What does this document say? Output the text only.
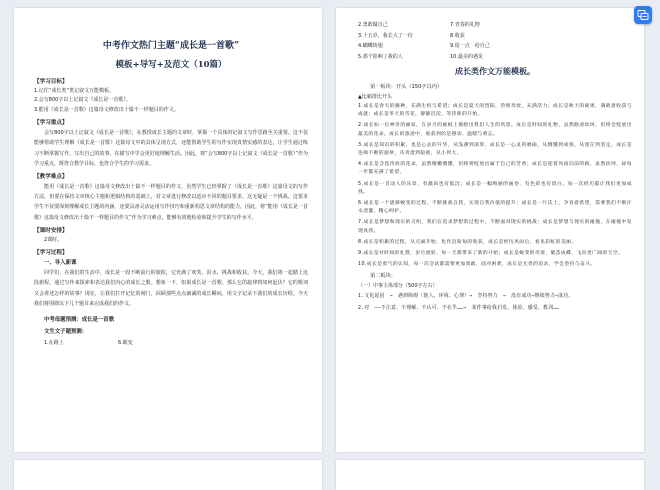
中考作文热门主题“成长是一首歌”
模板+导写+及范文（10篇）
【学习目标】

1.记住“成长类”类记叙文万能模板。

2.会写800字以上记叙文《成长是一首歌》。

3.能用《成长是一首歌》这篇母文修改出十篇不一样题目的作文。

【学习重点】

会写800字以上记叙文《成长是一首歌》，在教授成长主题的文章时，掌握一个具体的记叙文写作思路至关重要。这不仅能够帮助学生理解《成长是一首歌》这篇母文中的具体呈现方式，还能帮助学生的写作实现真情实感的表达，让学生通过练习不断掌握写作，写出自己的故事，在描写中学会更好地理解生活。因此，将“会写800字以上记叙文《成长是一首歌》”作为学习重点，既符合教学目标，也符合学生的学习需求。

【教学难点】

能用《成长是一首歌》这篇母文修改出十篇不一样题目的作文。虽然学生已经掌握了《成长是一首歌》这篇母文的写作方法，但要在保持文章核心主题和逻辑结构的基础上，对文章进行修改以适应不同的题目要求，这无疑是一个挑战。这要求学生不仅要深刻理解成长主题的内涵，还要具备灵活运用写作技巧和重新构思文章结构的能力。因此，将“能用《成长是一首歌》这篇母文修改出十篇不一样题目的作文”作为学习难点，能够有效地检验和提升学生的写作水平。

【课时安排】

2课时。

【学习过程】
一、导入新课

同学们，在我们的生活中，成长是一段不断前行的旅程，它充满了欢笑、泪水、挑战和收获。今天，我们将一起踏上这段旅程，通过写作来探索和表达我们内心的成长之歌。想象一下，如果成长是一首歌，那么它的旋律将如何起伏？它的歌词又会讲述怎样的故事？现在，让我们打开记忆的闸门，回顾那些点点滴滴的成长瞬间，用文字记录下我们的成长历程。今天我们将围绕以下几个题目来完成我们的作文。

中考母题预测：成长是一首歌
文生文子题预测：
1.在路上	6.蜕变
2.勇敢做自己	7.青春的礼物
3.十五岁，我长大了一份	8.收获
4.蝴蝶铸翅	9.留一点　给自己
5.那个影响了我的人	10.最美的遇见
成长类作文万能模板。
第一板块：开头（150字以内）
▲比喻排比开头

1.成长是春天的播种，充满生机与希望；成长是夏天的烈阳，热情奔放，充满活力；成长是秋天的硕果，满载着收获与成就；成长是冬天的雪花，静静沉淀，等待新的开始。

2.成长如一位神奇的画家，在岁月的画纸上描绘出我们人生的风景。成长是时间的礼物，虽然路途坎坷，但终会绽放出最美的花朵。成长的旅途中，收获到的是感动、温暖与难忘。

3.成长是知识的积累，也是心灵的升华，从浅薄到深厚，成长是一心灵的磨砺，从懵懂到成熟，从迷茫到坚定。成长是连绵不断的旋律，从青涩到稳重，从小到大。

4.成长是含苞待放的花朵，虽然稚嫩懵懂，但终将绽放出属于自己的芳香；成长是迎着风雨向前的路，虽然坎坷，却每一步都充满了希望。

5.成长是一首动人的乐章，有激昂也有低沉；成长是一幅绚丽的画卷，有色彩也有留白，每一次经历都让我们更加成熟。

6.成长是一个逐渐蜕变的过程，不断挑战自我，实现自我价值的提升；成长是一片沃土，孕育着希望，需要我们不断汗水浇灌，精心呵护。

7.成长是梦想和现实的交织，我们在追求梦想的过程中，不断面对现实的挑战；成长是梦想与现实的碰撞，在碰撞中发现真我。

8.成长是积累的过程，从点滴开始，化作沉甸甸的收获，成长是经历风雨后，看见彩虹的美丽。

9.成长是对时间的礼赞，岁月流转，每一天都带来了新的开始；成长是蜕变的奇迹，破茧成蝶，飞向更广阔的天空。

10.成长是勇气的认知，每一次尝试都需要更加勇敢，面对困难，成长是无畏的追求，学会坚持与奋斗。

第二板块：
（一）中事主体部分（500字左右）

1.文化起因　→　遇到障碍（他人、环境、心理）→　坚持努力　→　没有成功→继续努力→成功。

2.对　——不注意、不理解、不认可、不在乎……→　某件事给我启发、体验、感受、教训……
